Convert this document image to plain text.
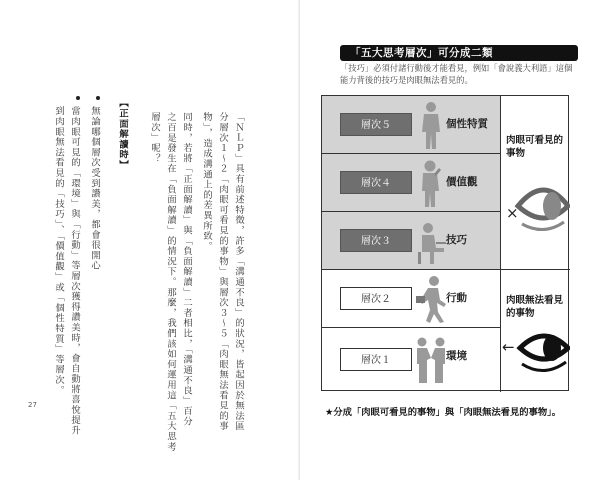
「ＮＬＰ」具有前述特徵，許多「溝通不良」的狀況，皆起因於無法區
分層次１～２「肉眼可看見的事物」與層次３～５「肉眼無法看見的事
物」，造成溝通上的差異所致。
同時，若將「正面解讀」與「負面解讀」二者相比，「溝通不良」百分
之百是發生在「負面解讀」的情況下。那麼，我們該如何運用這「五大思考
層次」呢？
【正面解讀時】
無論哪個層次受到讚美，都會很開心
當肉眼可見的「環境」與「行動」等層次獲得讚美時，會自動將喜悅提升
到肉眼無法看見的「技巧」、「價值觀」或「個性特質」等層次。
27
「五大思考層次」可分成二類
「技巧」必須付諸行動後才能看見，例如「會說義大利語」這個能力背後的技巧是肉眼無法看見的。
層次５	個性特質
層次４	價值觀
層次３	技巧
層次２	行動
層次１	環境
肉眼可看見的事物
×
肉眼無法看見的事物
←
★分成「肉眼可看見的事物」與「肉眼無法看見的事物」。
